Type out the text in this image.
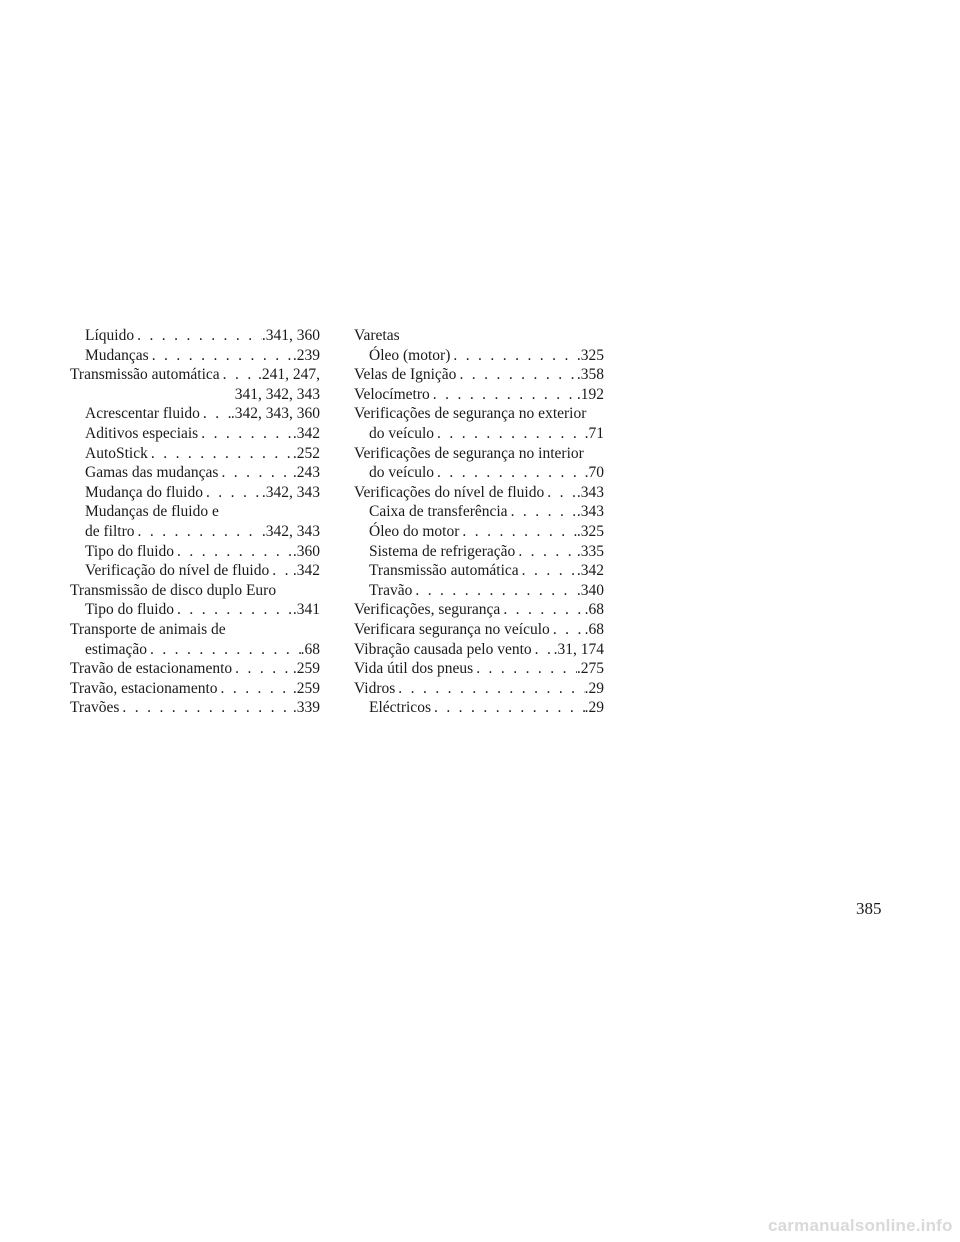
Líquido . . .	.341, 360
Mudanças . . .	.239
Transmissão automática . . . .241, 247,
341, 342, 343
Acrescentar fluido . . . .342, 343, 360
Aditivos especiais . . .	.342
AutoStick . . .	.252
Gamas das mudanças . . .	.243
Mudança do fluido . . .	.342, 343
Mudanças de fluido e
de filtro . . .	.342, 343
Tipo do fluido . . .	.360
Verificação do nível de fluido . . . .342
Transmissão de disco duplo Euro
Tipo do fluido . . .	.341
Transporte de animais de
estimação . . .	.68
Travão de estacionamento . . .	.259
Travão, estacionamento . . .	.259
Travões . . .	.339
Varetas
Óleo (motor) . . .	.325
Velas de Ignição . . .	.358
Velocímetro . . .	.192
Verificações de segurança no exterior
do veículo . . .	.71
Verificações de segurança no interior
do veículo . . .	.70
Verificações do nível de fluido . . . .343
Caixa de transferência . . .	.343
Óleo do motor . . .	.325
Sistema de refrigeração . . .	.335
Transmissão automática . . .	.342
Travão . . .	.340
Verificações, segurança . . .	.68
Verificara segurança no veículo . . . .68
Vibração causada pelo vento . . . .31, 174
Vida útil dos pneus . . .	.275
Vidros . . .	.29
Eléctricos . . .	.29
385
carmanualsonline.info
